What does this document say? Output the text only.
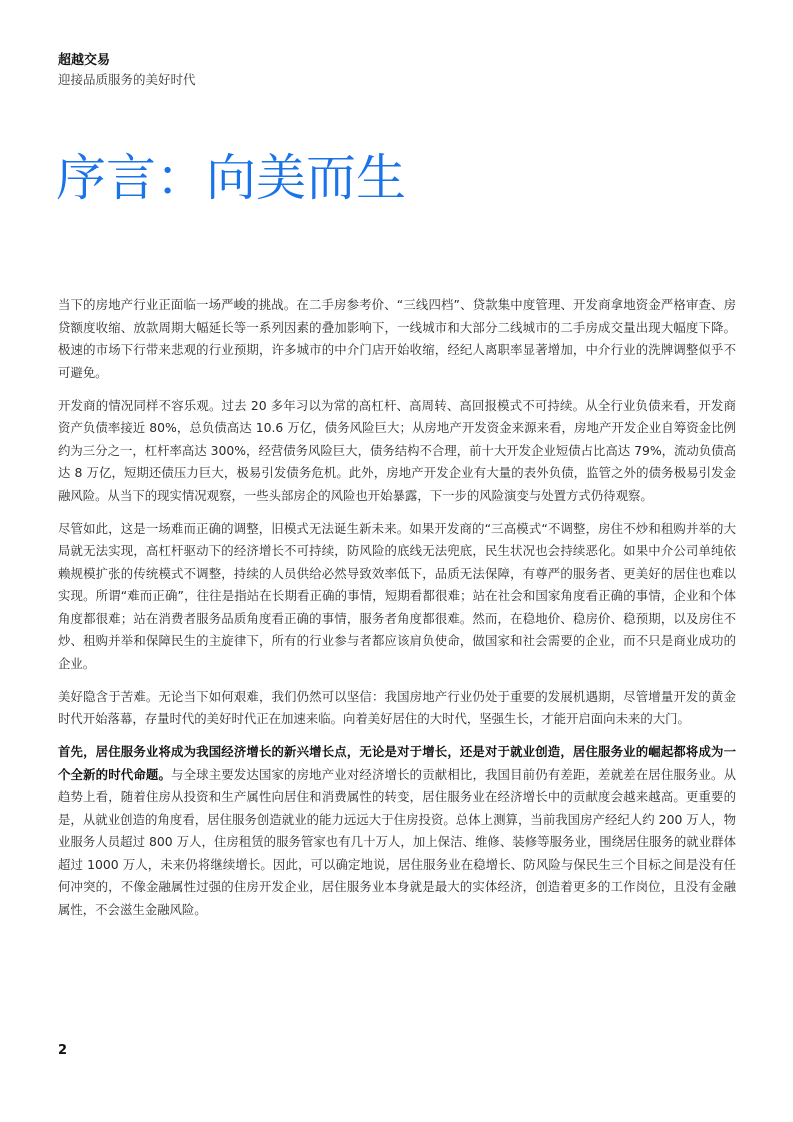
超越交易
迎接品质服务的美好时代
序言：向美而生

当下的房地产行业正面临一场严峻的挑战。在二手房参考价、“三线四档”、贷款集中度管理、开发商拿地资金严格审查、房贷额度收缩、放款周期大幅延长等一系列因素的叠加影响下，一线城市和大部分二线城市的二手房成交量出现大幅度下降。极速的市场下行带来悲观的行业预期，许多城市的中介门店开始收缩，经纪人离职率显著增加，中介行业的洗牌调整似乎不可避免。

开发商的情况同样不容乐观。过去 20 多年习以为常的高杠杆、高周转、高回报模式不可持续。从全行业负债来看，开发商资产负债率接近 80%，总负债高达 10.6 万亿，债务风险巨大；从房地产开发资金来源来看，房地产开发企业自筹资金比例约为三分之一，杠杆率高达 300%，经营债务风险巨大，债务结构不合理，前十大开发企业短债占比高达 79%，流动负债高达 8 万亿，短期还债压力巨大，极易引发债务危机。此外，房地产开发企业有大量的表外负债，监管之外的债务极易引发金融风险。从当下的现实情况观察，一些头部房企的风险也开始暴露，下一步的风险演变与处置方式仍待观察。

尽管如此，这是一场难而正确的调整，旧模式无法诞生新未来。如果开发商的“三高模式“不调整，房住不炒和租购并举的大局就无法实现，高杠杆驱动下的经济增长不可持续，防风险的底线无法兜底，民生状况也会持续恶化。如果中介公司单纯依赖规模扩张的传统模式不调整，持续的人员供给必然导致效率低下，品质无法保障，有尊严的服务者、更美好的居住也难以实现。所谓“难而正确”，往往是指站在长期看正确的事情，短期看都很难；站在社会和国家角度看正确的事情，企业和个体角度都很难；站在消费者服务品质角度看正确的事情，服务者角度都很难。然而，在稳地价、稳房价、稳预期，以及房住不炒、租购并举和保障民生的主旋律下，所有的行业参与者都应该肩负使命，做国家和社会需要的企业，而不只是商业成功的企业。

美好隐含于苦难。无论当下如何艰难，我们仍然可以坚信：我国房地产行业仍处于重要的发展机遇期，尽管增量开发的黄金时代开始落幕，存量时代的美好时代正在加速来临。向着美好居住的大时代，坚强生长，才能开启面向未来的大门。

首先，居住服务业将成为我国经济增长的新兴增长点，无论是对于增长，还是对于就业创造，居住服务业的崛起都将成为一个全新的时代命题。与全球主要发达国家的房地产业对经济增长的贡献相比，我国目前仍有差距，差就差在居住服务业。从趋势上看，随着住房从投资和生产属性向居住和消费属性的转变，居住服务业在经济增长中的贡献度会越来越高。更重要的是，从就业创造的角度看，居住服务创造就业的能力远远大于住房投资。总体上测算，当前我国房产经纪人约 200 万人，物业服务人员超过 800 万人，住房租赁的服务管家也有几十万人，加上保洁、维修、装修等服务业，围绕居住服务的就业群体超过 1000 万人，未来仍将继续增长。因此，可以确定地说，居住服务业在稳增长、防风险与保民生三个目标之间是没有任何冲突的，不像金融属性过强的住房开发企业，居住服务业本身就是最大的实体经济，创造着更多的工作岗位，且没有金融属性，不会滋生金融风险。

2
